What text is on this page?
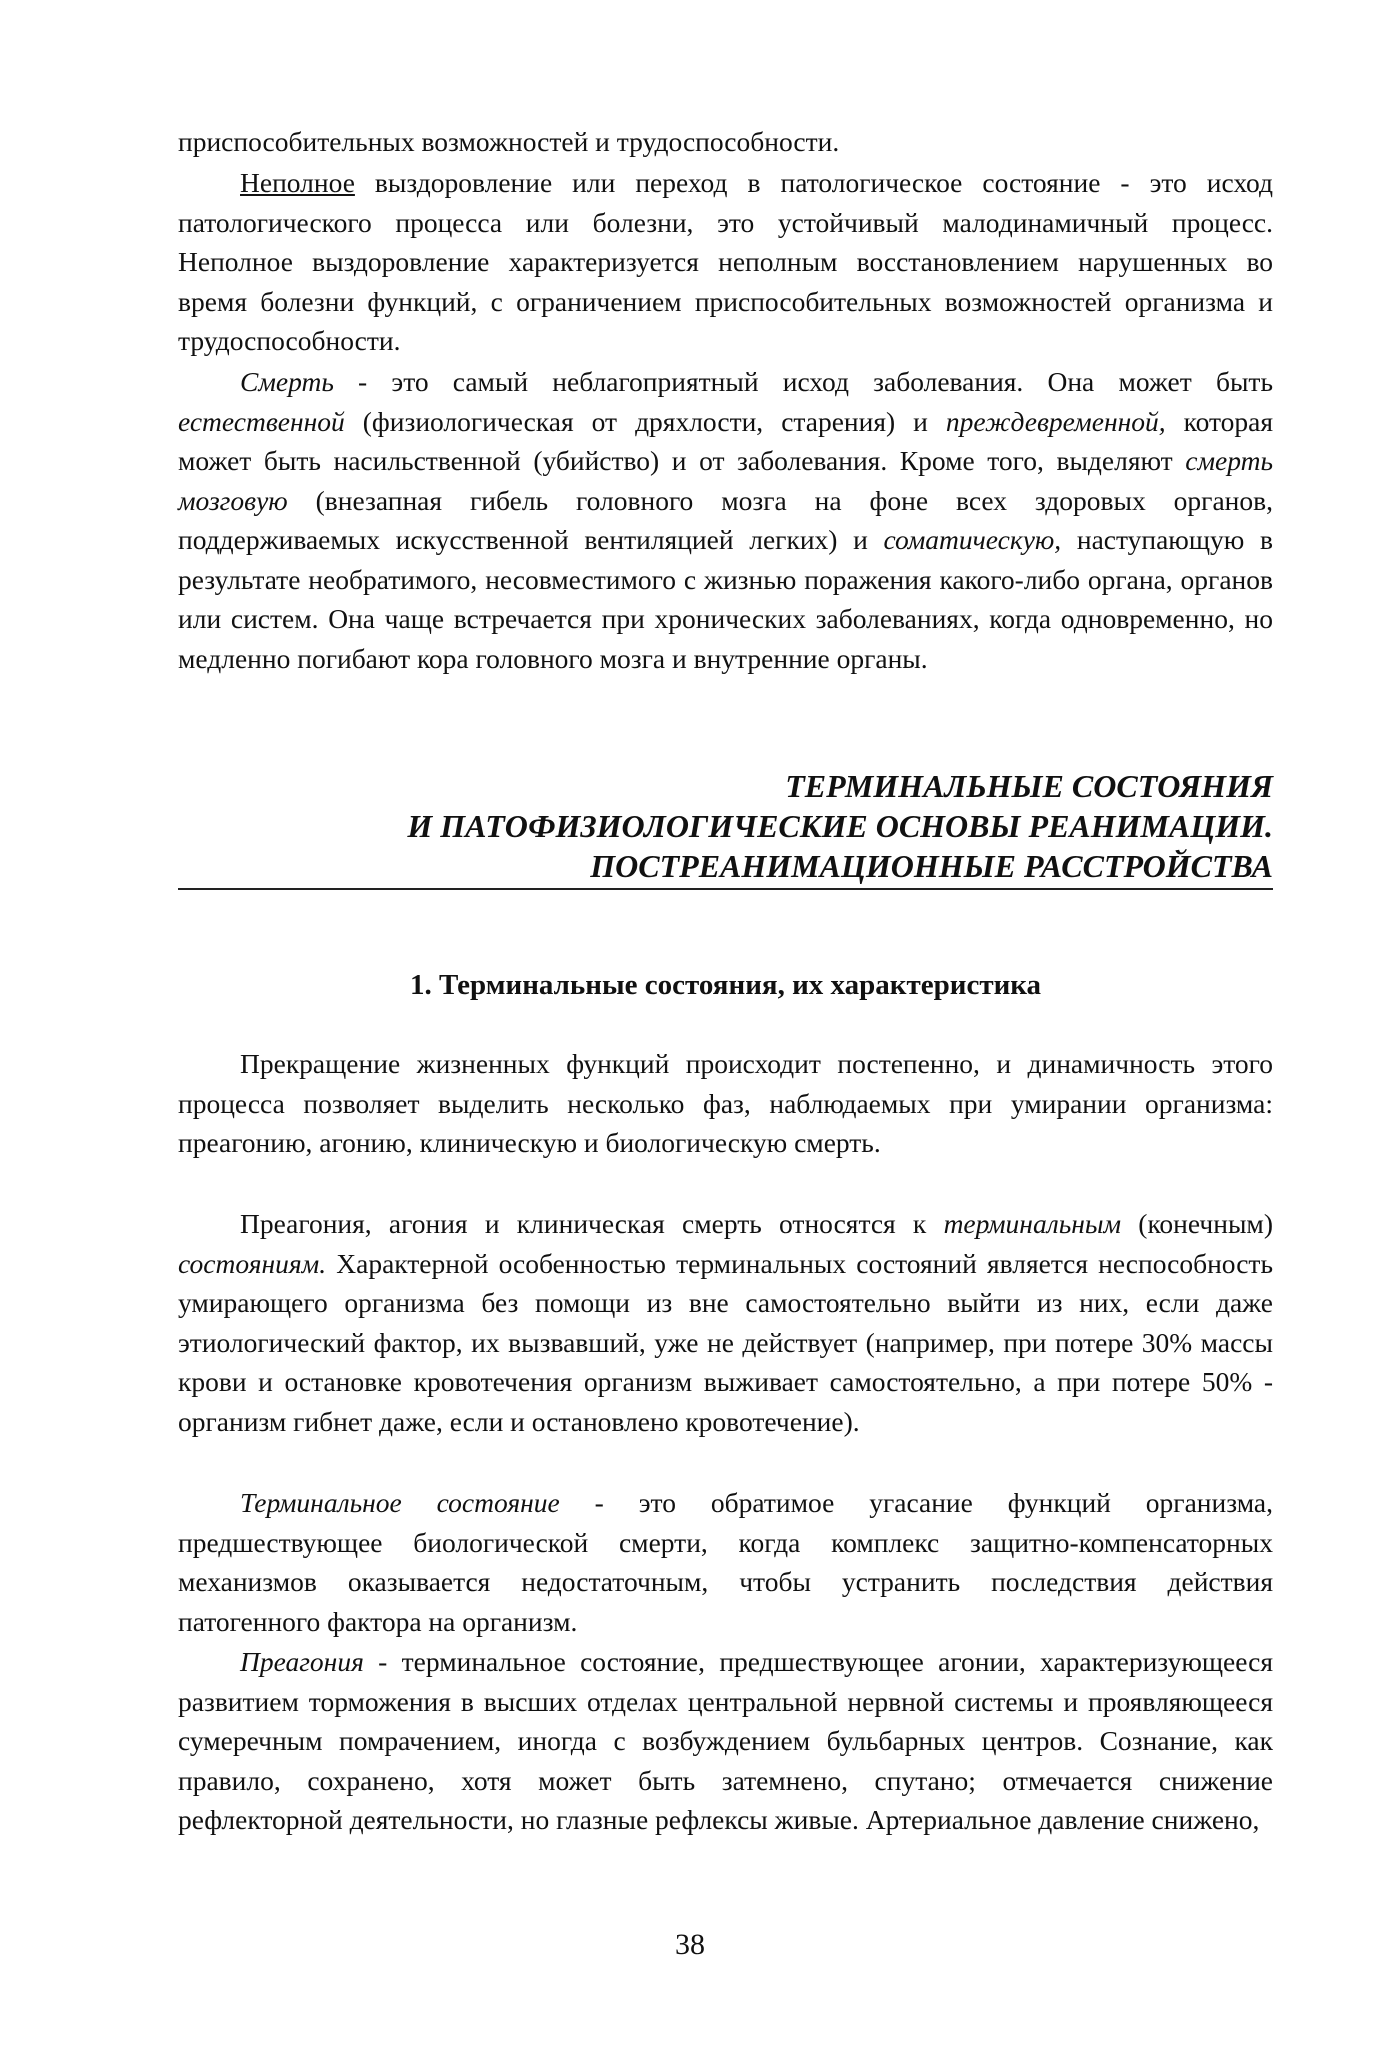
приспособительных возможностей и трудоспособности.

Неполное выздоровление или переход в патологическое состояние - это исход патологического процесса или болезни, это устойчивый малодинамичный процесс. Неполное выздоровление характеризуется неполным восстановлением нарушенных во время болезни функций, с ограничением приспособительных возможностей организма и трудоспособности.

Смерть - это самый неблагоприятный исход заболевания. Она может быть естественной (физиологическая от дряхлости, старения) и преждевременной, которая может быть насильственной (убийство) и от заболевания. Кроме того, выделяют смерть мозговую (внезапная гибель головного мозга на фоне всех здоровых органов, поддерживаемых искусственной вентиляцией легких) и соматическую, наступающую в результате необратимого, несовместимого с жизнью поражения какого-либо органа, органов или систем. Она чаще встречается при хронических заболеваниях, когда одновременно, но медленно погибают кора головного мозга и внутренние органы.

ТЕРМИНАЛЬНЫЕ СОСТОЯНИЯ
И ПАТОФИЗИОЛОГИЧЕСКИЕ ОСНОВЫ РЕАНИМАЦИИ.
ПОСТРЕАНИМАЦИОННЫЕ РАССТРОЙСТВА
1. Терминальные состояния, их характеристика

Прекращение жизненных функций происходит постепенно, и динамичность этого процесса позволяет выделить несколько фаз, наблюдаемых при умирании организма: преагонию, агонию, клиническую и биологическую смерть.

Преагония, агония и клиническая смерть относятся к терминальным (конечным) состояниям. Характерной особенностью терминальных состояний является неспособность умирающего организма без помощи из вне самостоятельно выйти из них, если даже этиологический фактор, их вызвавший, уже не действует (например, при потере 30% массы крови и остановке кровотечения организм выживает самостоятельно, а при потере 50% - организм гибнет даже, если и остановлено кровотечение).

Терминальное состояние - это обратимое угасание функций организма, предшествующее биологической смерти, когда комплекс защитно-компенсаторных механизмов оказывается недостаточным, чтобы устранить последствия действия патогенного фактора на организм.

Преагония - терминальное состояние, предшествующее агонии, характеризующееся развитием торможения в высших отделах центральной нервной системы и проявляющееся сумеречным помрачением, иногда с возбуждением бульбарных центров. Сознание, как правило, сохранено, хотя может быть затемнено, спутано; отмечается снижение рефлекторной деятельности, но глазные рефлексы живые. Артериальное давление снижено,

38
